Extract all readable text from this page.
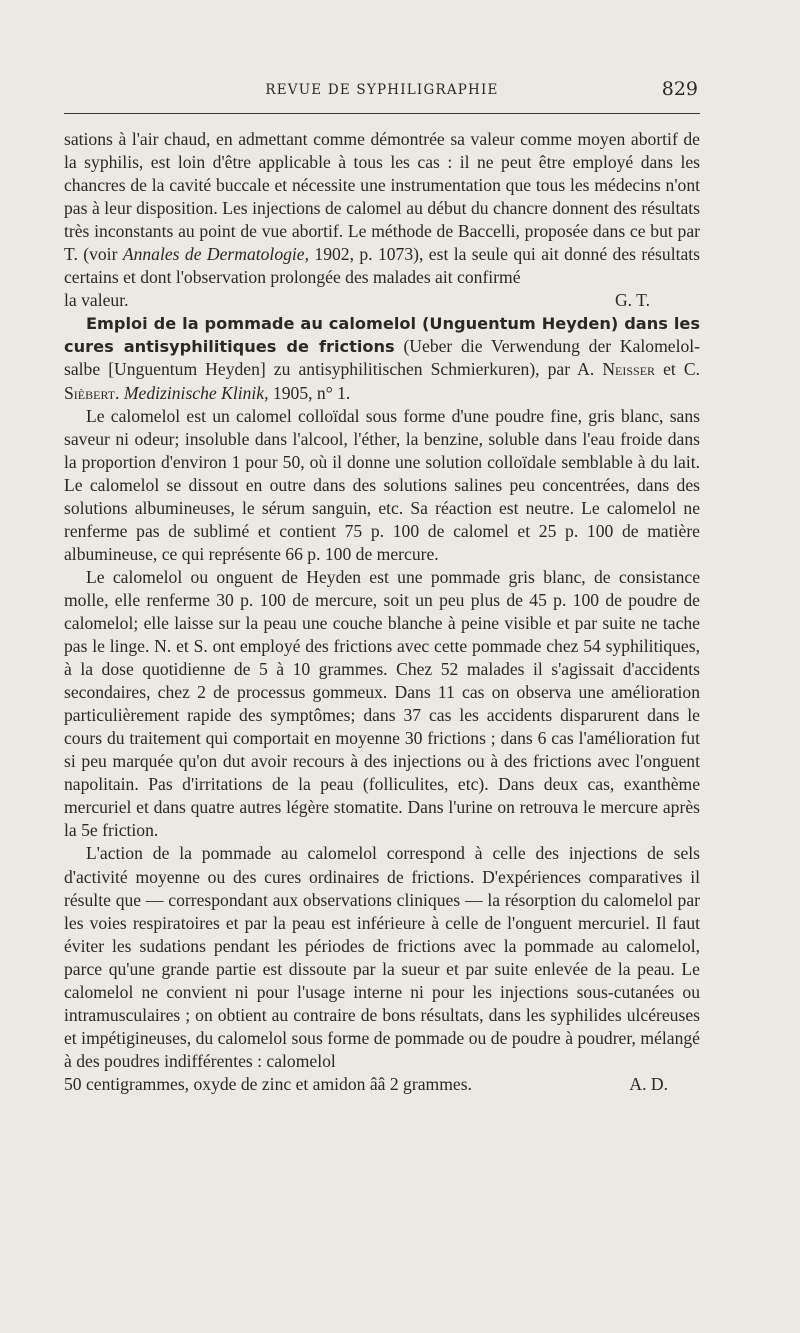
REVUE DE SYPHILIGRAPHIE	829

sations à l'air chaud, en admettant comme démontrée sa valeur comme moyen abortif de la syphilis, est loin d'être applicable à tous les cas : il ne peut être employé dans les chancres de la cavité buccale et nécessite une instrumentation que tous les médecins n'ont pas à leur disposition. Les injections de calomel au début du chancre donnent des résultats très inconstants au point de vue abortif. Le méthode de Baccelli, proposée dans ce but par T. (voir Annales de Dermatologie, 1902, p. 1073), est la seule qui ait donné des résultats certains et dont l'observation prolongée des malades ait confirmé

la valeur.	G. T.

Emploi de la pommade au calomelol (Unguentum Heyden) dans les cures antisyphilitiques de frictions (Ueber die Verwendung der Kalomelol-salbe [Unguentum Heyden] zu antisyphilitischen Schmierkuren), par A. Neisser et C. Sièbert. Medizinische Klinik, 1905, n° 1.

Le calomelol est un calomel colloïdal sous forme d'une poudre fine, gris blanc, sans saveur ni odeur; insoluble dans l'alcool, l'éther, la benzine, soluble dans l'eau froide dans la proportion d'environ 1 pour 50, où il donne une solution colloïdale semblable à du lait. Le calomelol se dissout en outre dans des solutions salines peu concentrées, dans des solutions albumineuses, le sérum sanguin, etc. Sa réaction est neutre. Le calomelol ne renferme pas de sublimé et contient 75 p. 100 de calomel et 25 p. 100 de matière albumineuse, ce qui représente 66 p. 100 de mercure.

Le calomelol ou onguent de Heyden est une pommade gris blanc, de consistance molle, elle renferme 30 p. 100 de mercure, soit un peu plus de 45 p. 100 de poudre de calomelol; elle laisse sur la peau une couche blanche à peine visible et par suite ne tache pas le linge. N. et S. ont employé des frictions avec cette pommade chez 54 syphilitiques, à la dose quotidienne de 5 à 10 grammes. Chez 52 malades il s'agissait d'accidents secondaires, chez 2 de processus gommeux. Dans 11 cas on observa une amélioration particulièrement rapide des symptômes; dans 37 cas les accidents disparurent dans le cours du traitement qui comportait en moyenne 30 frictions ; dans 6 cas l'amélioration fut si peu marquée qu'on dut avoir recours à des injections ou à des frictions avec l'onguent napolitain. Pas d'irritations de la peau (folliculites, etc). Dans deux cas, exanthème mercuriel et dans quatre autres légère stomatite. Dans l'urine on retrouva le mercure après la 5e friction.

L'action de la pommade au calomelol correspond à celle des injections de sels d'activité moyenne ou des cures ordinaires de frictions. D'expériences comparatives il résulte que — correspondant aux observations cliniques — la résorption du calomelol par les voies respiratoires et par la peau est inférieure à celle de l'onguent mercuriel. Il faut éviter les sudations pendant les périodes de frictions avec la pommade au calomelol, parce qu'une grande partie est dissoute par la sueur et par suite enlevée de la peau. Le calomelol ne convient ni pour l'usage interne ni pour les injections sous-cutanées ou intramusculaires ; on obtient au contraire de bons résultats, dans les syphilides ulcéreuses et impétigineuses, du calomelol sous forme de pommade ou de poudre à poudrer, mélangé à des poudres indifférentes : calomelol

50 centigrammes, oxyde de zinc et amidon ââ 2 grammes.	A. D.
